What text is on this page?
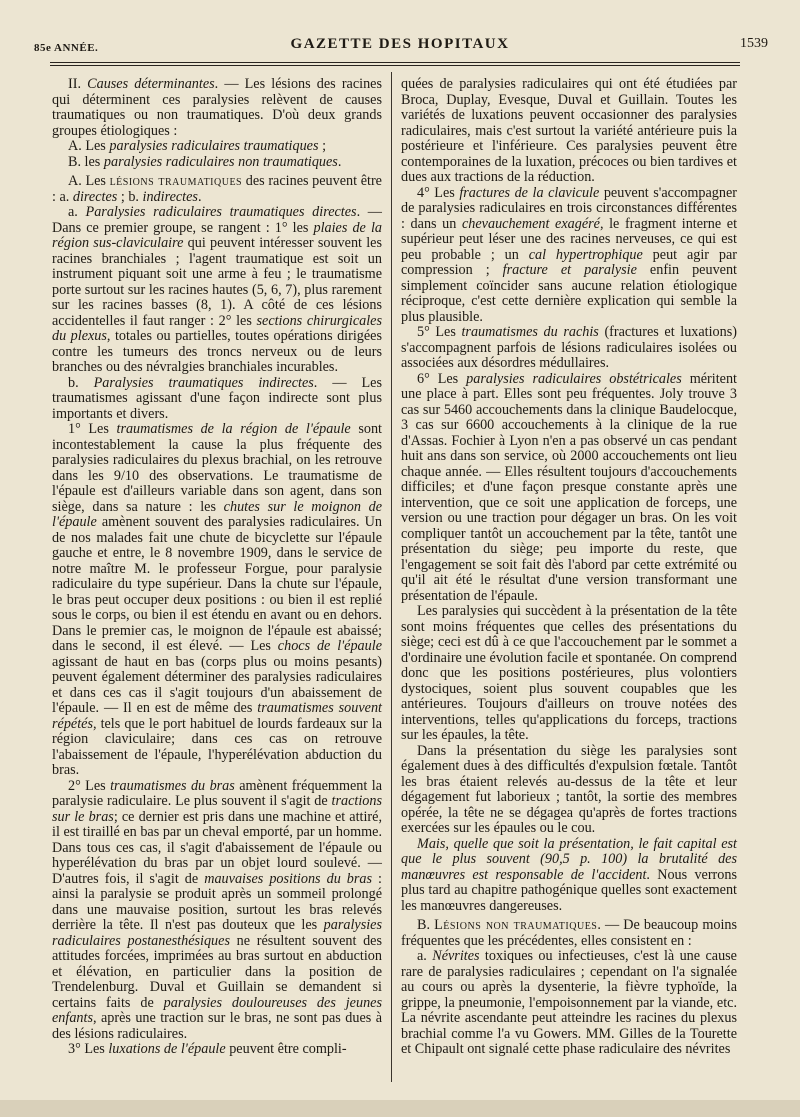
85e ANNÉE.	GAZETTE DES HOPITAUX	1539

II. Causes déterminantes. — Les lésions des racines qui déterminent ces paralysies relèvent de causes traumatiques ou non traumatiques. D'où deux grands groupes étiologiques :

A. Les paralysies radiculaires traumatiques ;

B. les paralysies radiculaires non traumatiques.

A. Les lésions traumatiques des racines peuvent être : a. directes ; b. indirectes.

a. Paralysies radiculaires traumatiques directes. — Dans ce premier groupe, se rangent : 1° les plaies de la région sus-claviculaire qui peuvent intéresser souvent les racines branchiales ; l'agent traumatique est soit un instrument piquant soit une arme à feu ; le traumatisme porte surtout sur les racines hautes (5, 6, 7), plus rarement sur les racines basses (8, 1). A côté de ces lésions accidentelles il faut ranger : 2° les sections chirurgicales du plexus, totales ou partielles, toutes opérations dirigées contre les tumeurs des troncs nerveux ou de leurs branches ou des névralgies branchiales incurables.

b. Paralysies traumatiques indirectes. — Les traumatismes agissant d'une façon indirecte sont plus importants et divers.

1° Les traumatismes de la région de l'épaule sont incontestablement la cause la plus fréquente des paralysies radiculaires du plexus brachial, on les retrouve dans les 9/10 des observations. Le traumatisme de l'épaule est d'ailleurs variable dans son agent, dans son siège, dans sa nature : les chutes sur le moignon de l'épaule amènent souvent des paralysies radiculaires. Un de nos malades fait une chute de bicyclette sur l'épaule gauche et entre, le 8 novembre 1909, dans le service de notre maître M. le professeur Forgue, pour paralysie radiculaire du type supérieur. Dans la chute sur l'épaule, le bras peut occuper deux positions : ou bien il est replié sous le corps, ou bien il est étendu en avant ou en dehors. Dans le premier cas, le moignon de l'épaule est abaissé; dans le second, il est élevé. — Les chocs de l'épaule agissant de haut en bas (corps plus ou moins pesants) peuvent également déterminer des paralysies radiculaires et dans ces cas il s'agit toujours d'un abaissement de l'épaule. — Il en est de même des traumatismes souvent répétés, tels que le port habituel de lourds fardeaux sur la région claviculaire; dans ces cas on retrouve l'abaissement de l'épaule, l'hyperélévation abduction du bras.

2° Les traumatismes du bras amènent fréquemment la paralysie radiculaire. Le plus souvent il s'agit de tractions sur le bras; ce dernier est pris dans une machine et attiré, il est tiraillé en bas par un cheval emporté, par un homme. Dans tous ces cas, il s'agit d'abaissement de l'épaule ou hyperélévation du bras par un objet lourd soulevé. — D'autres fois, il s'agit de mauvaises positions du bras : ainsi la paralysie se produit après un sommeil prolongé dans une mauvaise position, surtout les bras relevés derrière la tête. Il n'est pas douteux que les paralysies radiculaires postanesthésiques ne résultent souvent des attitudes forcées, imprimées au bras surtout en abduction et élévation, en particulier dans la position de Trendelenburg. Duval et Guillain se demandent si certains faits de paralysies douloureuses des jeunes enfants, après une traction sur le bras, ne sont pas dues à des lésions radiculaires.

3° Les luxations de l'épaule peuvent être compli-

quées de paralysies radiculaires qui ont été étudiées par Broca, Duplay, Evesque, Duval et Guillain. Toutes les variétés de luxations peuvent occasionner des paralysies radiculaires, mais c'est surtout la variété antérieure puis la postérieure et l'inférieure. Ces paralysies peuvent être contemporaines de la luxation, précoces ou bien tardives et dues aux tractions de la réduction.

4° Les fractures de la clavicule peuvent s'accompagner de paralysies radiculaires en trois circonstances différentes : dans un chevauchement exagéré, le fragment interne et supérieur peut léser une des racines nerveuses, ce qui est peu probable ; un cal hypertrophique peut agir par compression ; fracture et paralysie enfin peuvent simplement coïncider sans aucune relation étiologique réciproque, c'est cette dernière explication qui semble la plus plausible.

5° Les traumatismes du rachis (fractures et luxations) s'accompagnent parfois de lésions radiculaires isolées ou associées aux désordres médullaires.

6° Les paralysies radiculaires obstétricales méritent une place à part. Elles sont peu fréquentes. Joly trouve 3 cas sur 5460 accouchements dans la clinique Baudelocque, 3 cas sur 6600 accouchements à la clinique de la rue d'Assas. Fochier à Lyon n'en a pas observé un cas pendant huit ans dans son service, où 2000 accouchements ont lieu chaque année. — Elles résultent toujours d'accouchements difficiles; et d'une façon presque constante après une intervention, que ce soit une application de forceps, une version ou une traction pour dégager un bras. On les voit compliquer tantôt un accouchement par la tête, tantôt une présentation du siège; peu importe du reste, que l'engagement se soit fait dès l'abord par cette extrémité ou qu'il ait été le résultat d'une version transformant une présentation de l'épaule.

Les paralysies qui succèdent à la présentation de la tête sont moins fréquentes que celles des présentations du siège; ceci est dû à ce que l'accouchement par le sommet a d'ordinaire une évolution facile et spontanée. On comprend donc que les positions postérieures, plus volontiers dystociques, soient plus souvent coupables que les antérieures. Toujours d'ailleurs on trouve notées des interventions, telles qu'applications du forceps, tractions sur les épaules, la tête.

Dans la présentation du siège les paralysies sont également dues à des difficultés d'expulsion fœtale. Tantôt les bras étaient relevés au-dessus de la tête et leur dégagement fut laborieux ; tantôt, la sortie des membres opérée, la tête ne se dégagea qu'après de fortes tractions exercées sur les épaules ou le cou.

Mais, quelle que soit la présentation, le fait capital est que le plus souvent (90,5 p. 100) la brutalité des manœuvres est responsable de l'accident. Nous verrons plus tard au chapitre pathogénique quelles sont exactement les manœuvres dangereuses.

B. Lésions non traumatiques. — De beaucoup moins fréquentes que les précédentes, elles consistent en :

a. Névrites toxiques ou infectieuses, c'est là une cause rare de paralysies radiculaires ; cependant on l'a signalée au cours ou après la dysenterie, la fièvre typhoïde, la grippe, la pneumonie, l'empoisonnement par la viande, etc. La névrite ascendante peut atteindre les racines du plexus brachial comme l'a vu Gowers. MM. Gilles de la Tourette et Chipault ont signalé cette phase radiculaire des névrites
